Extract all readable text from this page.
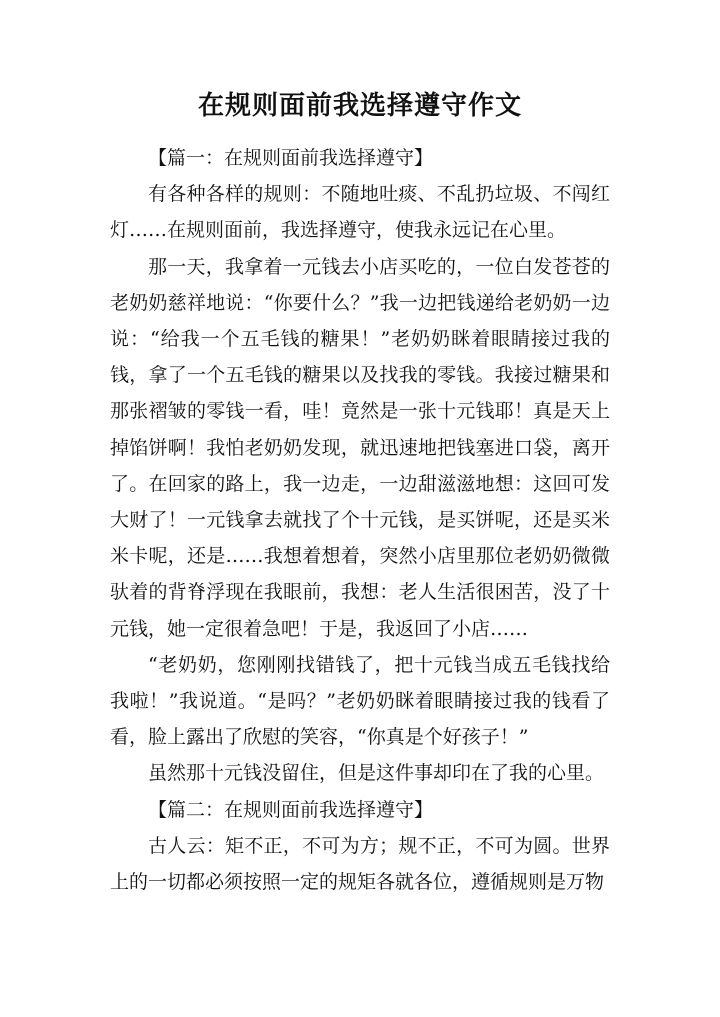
在规则面前我选择遵守作文

【篇一：在规则面前我选择遵守】

有各种各样的规则：不随地吐痰、不乱扔垃圾、不闯红灯……在规则面前，我选择遵守，使我永远记在心里。

那一天，我拿着一元钱去小店买吃的，一位白发苍苍的老奶奶慈祥地说：“你要什么？”我一边把钱递给老奶奶一边说：“给我一个五毛钱的糖果！”老奶奶眯着眼睛接过我的钱，拿了一个五毛钱的糖果以及找我的零钱。我接过糖果和那张褶皱的零钱一看，哇！竟然是一张十元钱耶！真是天上掉馅饼啊！我怕老奶奶发现，就迅速地把钱塞进口袋，离开了。在回家的路上，我一边走，一边甜滋滋地想：这回可发大财了！一元钱拿去就找了个十元钱，是买饼呢，还是买米米卡呢，还是……我想着想着，突然小店里那位老奶奶微微驮着的背脊浮现在我眼前，我想：老人生活很困苦，没了十元钱，她一定很着急吧！于是，我返回了小店……

“老奶奶，您刚刚找错钱了，把十元钱当成五毛钱找给我啦！”我说道。“是吗？”老奶奶眯着眼睛接过我的钱看了看，脸上露出了欣慰的笑容，“你真是个好孩子！”

虽然那十元钱没留住，但是这件事却印在了我的心里。

【篇二：在规则面前我选择遵守】

古人云：矩不正，不可为方；规不正，不可为圆。世界上的一切都必须按照一定的规矩各就各位，遵循规则是万物
